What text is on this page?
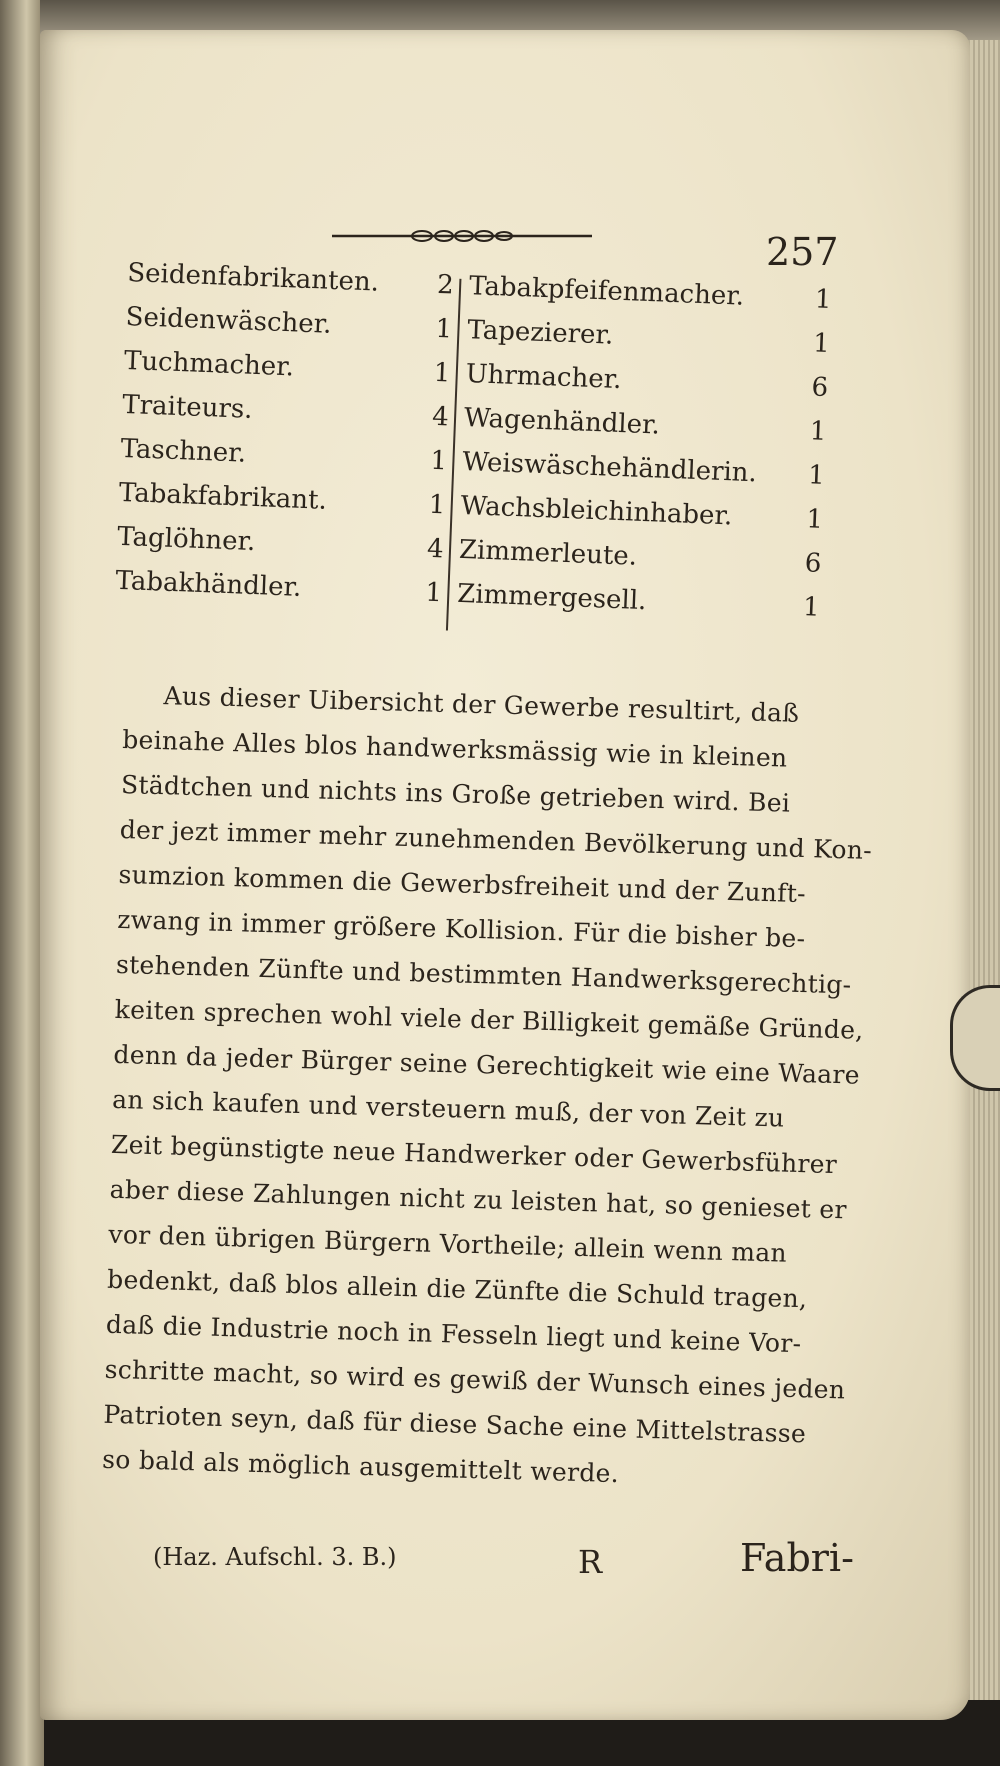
257
Seidenfabrikanten. 2 Tabakpfeifenmacher.	1
Seidenwäscher.	1 Tapezierer.	1
Tuchmacher.	1 Uhrmacher.	6
Traiteurs.	4 Wagenhändler.	1
Taschner.	1 Weiswäschehändlerin. 1
Tabakfabrikant.	1 Wachsbleichinhaber.	1
Taglöhner.	4 Zimmerleute.	6
Tabakhändler.	1 Zimmergesell.	1
Aus dieser Uibersicht der Gewerbe resultirt, daß
beinahe Alles blos handwerksmässig wie in kleinen
Städtchen und nichts ins Große getrieben wird. Bei
der jezt immer mehr zunehmenden Bevölkerung und Kon-
sumzion kommen die Gewerbsfreiheit und der Zunft-
zwang in immer größere Kollision. Für die bisher be-
stehenden Zünfte und bestimmten Handwerksgerechtig-
keiten sprechen wohl viele der Billigkeit gemäße Gründe,
denn da jeder Bürger seine Gerechtigkeit wie eine Waare
an sich kaufen und versteuern muß, der von Zeit zu
Zeit begünstigte neue Handwerker oder Gewerbsführer
aber diese Zahlungen nicht zu leisten hat, so genieset er
vor den übrigen Bürgern Vortheile; allein wenn man
bedenkt, daß blos allein die Zünfte die Schuld tragen,
daß die Industrie noch in Fesseln liegt und keine Vor-
schritte macht, so wird es gewiß der Wunsch eines jeden
Patrioten seyn, daß für diese Sache eine Mittelstrasse
so bald als möglich ausgemittelt werde.
(Haz. Aufschl. 3. B.)	R	Fabri-
